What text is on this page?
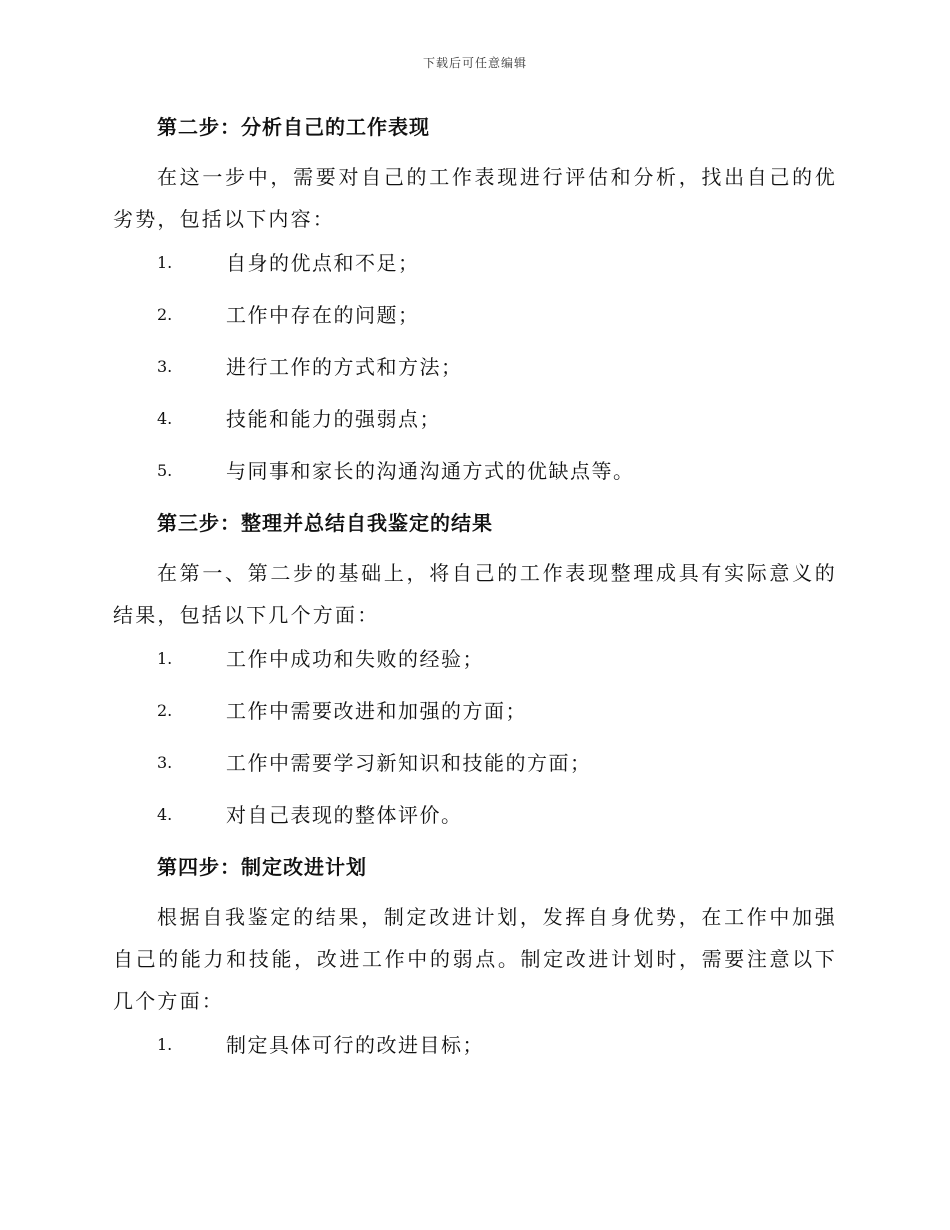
下载后可任意编辑
第二步：分析自己的工作表现

在这一步中，需要对自己的工作表现进行评估和分析，找出自己的优劣势，包括以下内容：

1.	自身的优点和不足；
2.	工作中存在的问题；
3.	进行工作的方式和方法；
4.	技能和能力的强弱点；
5.	与同事和家长的沟通沟通方式的优缺点等。
第三步：整理并总结自我鉴定的结果

在第一、第二步的基础上，将自己的工作表现整理成具有实际意义的结果，包括以下几个方面：

1.	工作中成功和失败的经验；
2.	工作中需要改进和加强的方面；
3.	工作中需要学习新知识和技能的方面；
4.	对自己表现的整体评价。
第四步：制定改进计划

根据自我鉴定的结果，制定改进计划，发挥自身优势，在工作中加强自己的能力和技能，改进工作中的弱点。制定改进计划时，需要注意以下几个方面：

1.	制定具体可行的改进目标；
